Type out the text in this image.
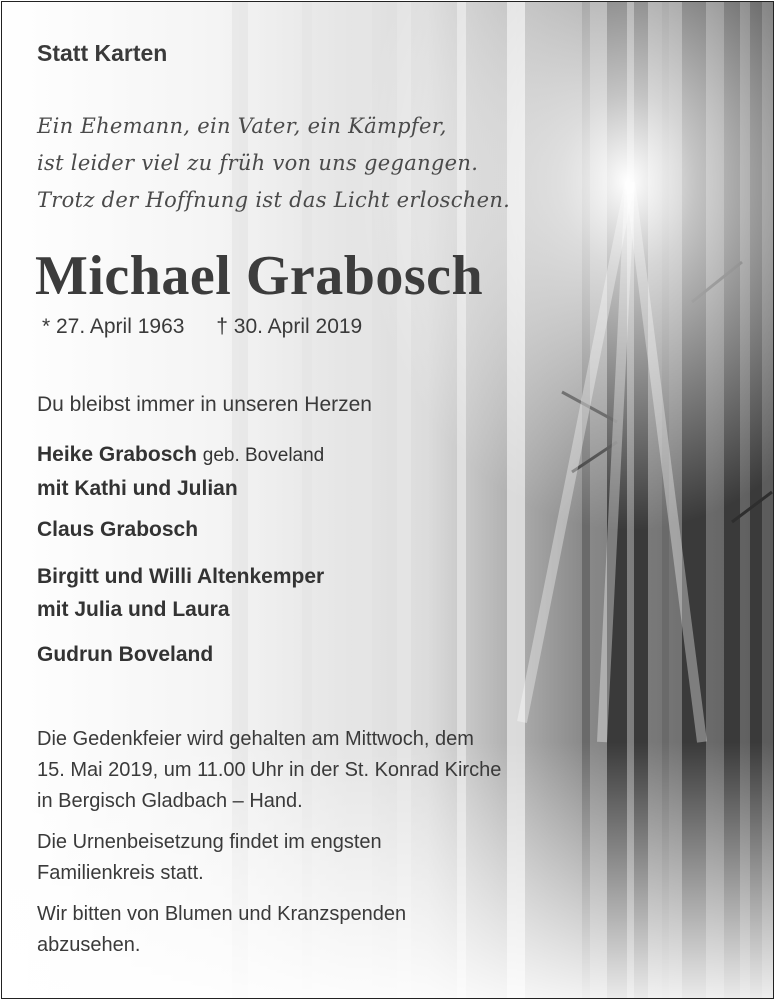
Statt Karten
Ein Ehemann, ein Vater, ein Kämpfer,
ist leider viel zu früh von uns gegangen.
Trotz der Hoffnung ist das Licht erloschen.
Michael Grabosch
* 27. April 1963 † 30. April 2019
Du bleibst immer in unseren Herzen
Heike Grabosch geb. Boveland
mit Kathi und Julian
Claus Grabosch
Birgitt und Willi Altenkemper
mit Julia und Laura
Gudrun Boveland

Die Gedenkfeier wird gehalten am Mittwoch, dem
15. Mai 2019, um 11.00 Uhr in der St. Konrad Kirche
in Bergisch Gladbach – Hand.

Die Urnenbeisetzung findet im engsten
Familienkreis statt.

Wir bitten von Blumen und Kranzspenden
abzusehen.
